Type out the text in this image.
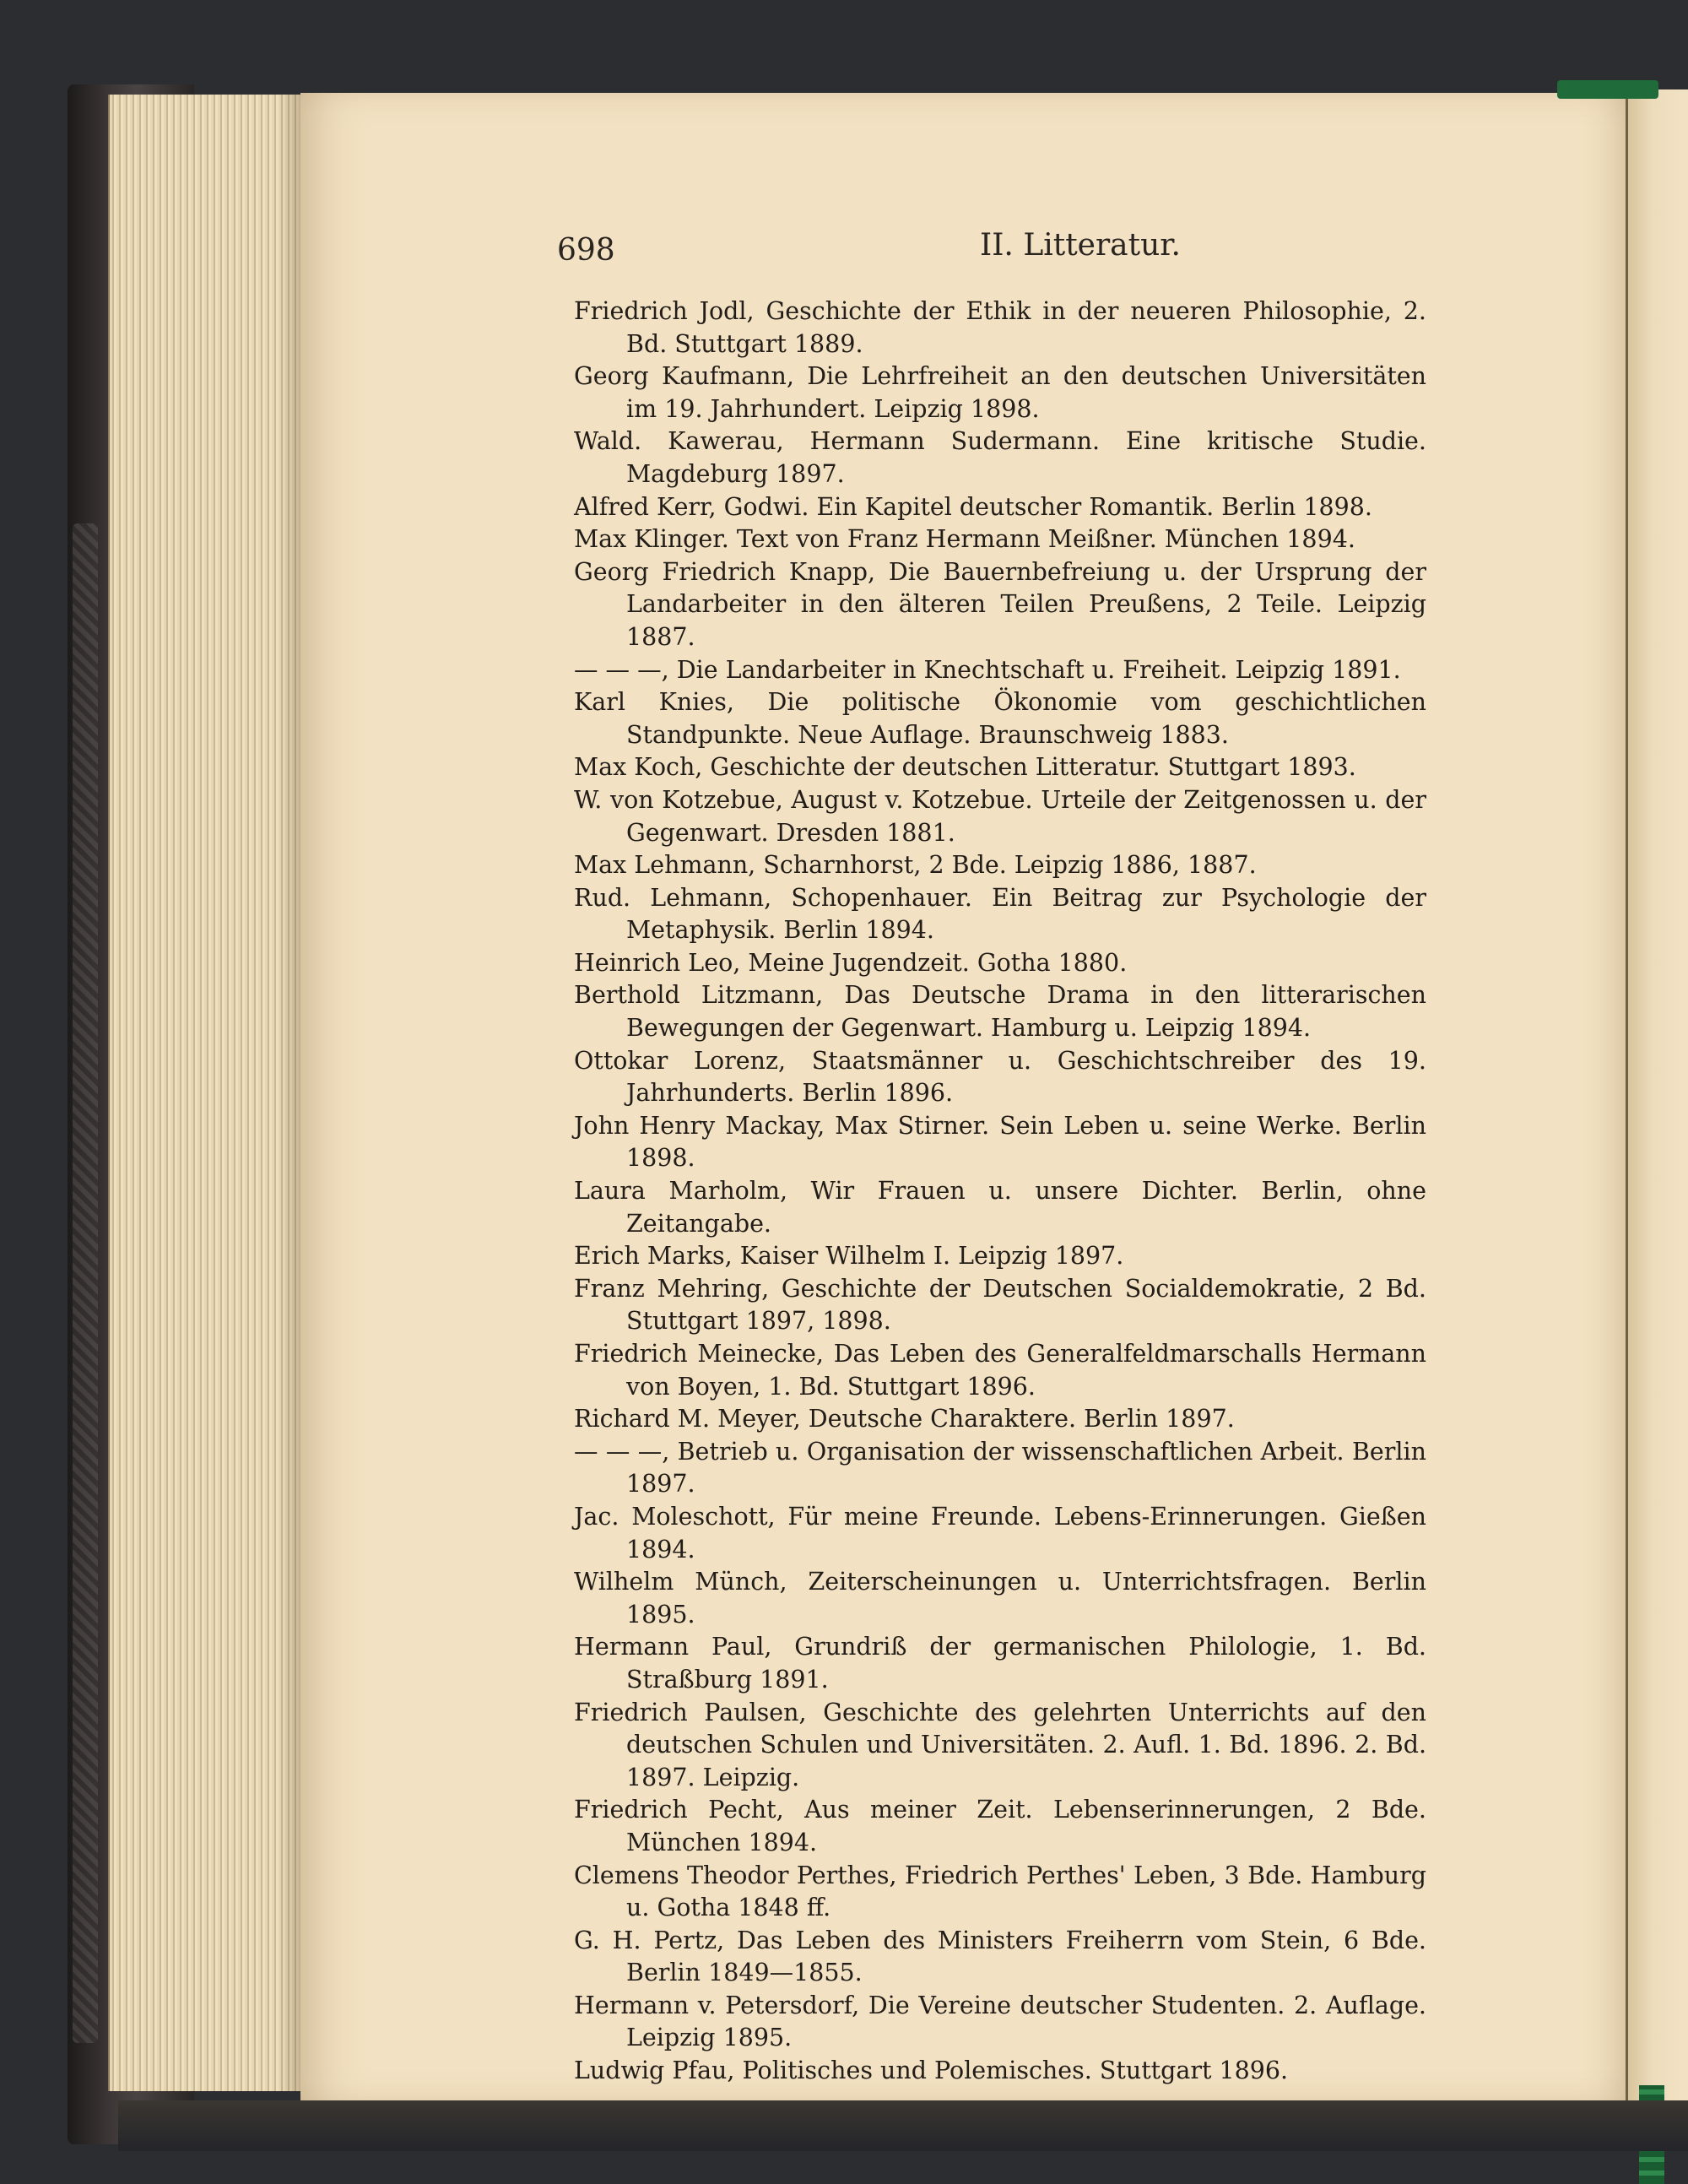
698	II. Litteratur.
Friedrich Jodl, Geschichte der Ethik in der neueren Philosophie, 2. Bd. Stuttgart 1889.
Georg Kaufmann, Die Lehrfreiheit an den deutschen Universitäten im 19. Jahrhundert. Leipzig 1898.
Wald. Kawerau, Hermann Sudermann. Eine kritische Studie. Magdeburg 1897.
Alfred Kerr, Godwi. Ein Kapitel deutscher Romantik. Berlin 1898.
Max Klinger. Text von Franz Hermann Meißner. München 1894.
Georg Friedrich Knapp, Die Bauernbefreiung u. der Ursprung der Landarbeiter in den älteren Teilen Preußens, 2 Teile. Leipzig 1887.
— — —, Die Landarbeiter in Knechtschaft u. Freiheit. Leipzig 1891.
Karl Knies, Die politische Ökonomie vom geschichtlichen Standpunkte. Neue Auflage. Braunschweig 1883.
Max Koch, Geschichte der deutschen Litteratur. Stuttgart 1893.
W. von Kotzebue, August v. Kotzebue. Urteile der Zeitgenossen u. der Gegenwart. Dresden 1881.
Max Lehmann, Scharnhorst, 2 Bde. Leipzig 1886, 1887.
Rud. Lehmann, Schopenhauer. Ein Beitrag zur Psychologie der Metaphysik. Berlin 1894.
Heinrich Leo, Meine Jugendzeit. Gotha 1880.
Berthold Litzmann, Das Deutsche Drama in den litterarischen Bewegungen der Gegenwart. Hamburg u. Leipzig 1894.
Ottokar Lorenz, Staatsmänner u. Geschichtschreiber des 19. Jahrhunderts. Berlin 1896.
John Henry Mackay, Max Stirner. Sein Leben u. seine Werke. Berlin 1898.
Laura Marholm, Wir Frauen u. unsere Dichter. Berlin, ohne Zeitangabe.
Erich Marks, Kaiser Wilhelm I. Leipzig 1897.
Franz Mehring, Geschichte der Deutschen Socialdemokratie, 2 Bd. Stuttgart 1897, 1898.
Friedrich Meinecke, Das Leben des Generalfeldmarschalls Hermann von Boyen, 1. Bd. Stuttgart 1896.
Richard M. Meyer, Deutsche Charaktere. Berlin 1897.
— — —, Betrieb u. Organisation der wissenschaftlichen Arbeit. Berlin 1897.
Jac. Moleschott, Für meine Freunde. Lebens-Erinnerungen. Gießen 1894.
Wilhelm Münch, Zeiterscheinungen u. Unterrichtsfragen. Berlin 1895.
Hermann Paul, Grundriß der germanischen Philologie, 1. Bd. Straßburg 1891.
Friedrich Paulsen, Geschichte des gelehrten Unterrichts auf den deutschen Schulen und Universitäten. 2. Aufl. 1. Bd. 1896. 2. Bd. 1897. Leipzig.
Friedrich Pecht, Aus meiner Zeit. Lebenserinnerungen, 2 Bde. München 1894.
Clemens Theodor Perthes, Friedrich Perthes' Leben, 3 Bde. Hamburg u. Gotha 1848 ff.
G. H. Pertz, Das Leben des Ministers Freiherrn vom Stein, 6 Bde. Berlin 1849—1855.
Hermann v. Petersdorf, Die Vereine deutscher Studenten. 2. Auflage. Leipzig 1895.
Ludwig Pfau, Politisches und Polemisches. Stuttgart 1896.
